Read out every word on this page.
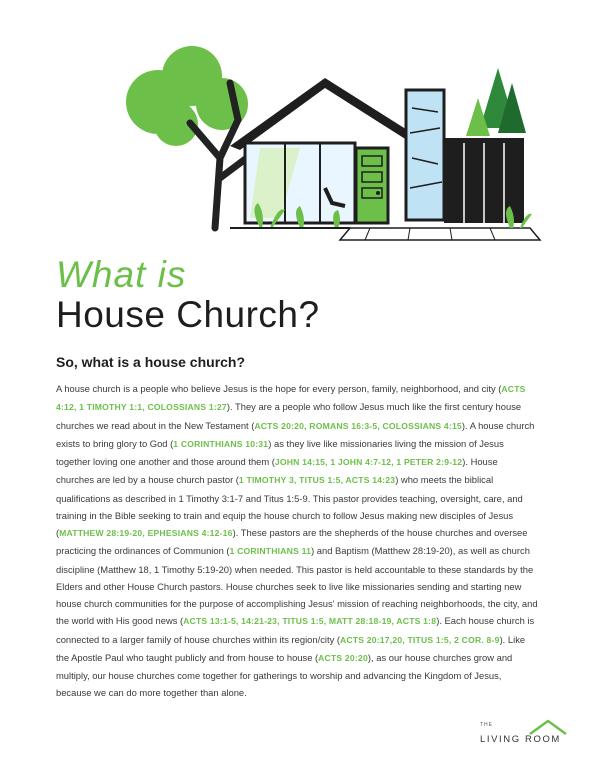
What is
House Church?
So, what is a house church?

A house church is a people who believe Jesus is the hope for every person, family, neighborhood, and city (ACTS 4:12, 1 TIMOTHY 1:1, COLOSSIANS 1:27). They are a people who follow Jesus much like the first century house churches we read about in the New Testament (ACTS 20:20, ROMANS 16:3-5, COLOSSIANS 4:15). A house church exists to bring glory to God (1 CORINTHIANS 10:31) as they live like missionaries living the mission of Jesus together loving one another and those around them (JOHN 14:15, 1 JOHN 4:7-12, 1 PETER 2:9-12). House churches are led by a house church pastor (1 TIMOTHY 3, TITUS 1:5, ACTS 14:23) who meets the biblical qualifications as described in 1 Timothy 3:1-7 and Titus 1:5-9. This pastor provides teaching, oversight, care, and training in the Bible seeking to train and equip the house church to follow Jesus making new disciples of Jesus (MATTHEW 28:19-20, EPHESIANS 4:12-16). These pastors are the shepherds of the house churches and oversee practicing the ordinances of Communion (1 CORINTHIANS 11) and Baptism (Matthew 28:19-20), as well as church discipline (Matthew 18, 1 Timothy 5:19-20) when needed. This pastor is held accountable to these standards by the Elders and other House Church pastors. House churches seek to live like missionaries sending and starting new house church communities for the purpose of accomplishing Jesus' mission of reaching neighborhoods, the city, and the world with His good news (ACTS 13:1-5, 14:21-23, TITUS 1:5, MATT 28:18-19, ACTS 1:8). Each house church is connected to a larger family of house churches within its region/city (ACTS 20:17,20, TITUS 1:5, 2 COR. 8-9). Like the Apostle Paul who taught publicly and from house to house (ACTS 20:20), as our house churches grow and multiply, our house churches come together for gatherings to worship and advancing the Kingdom of Jesus, because we can do more together than alone.

THE
LIVING ROOM
